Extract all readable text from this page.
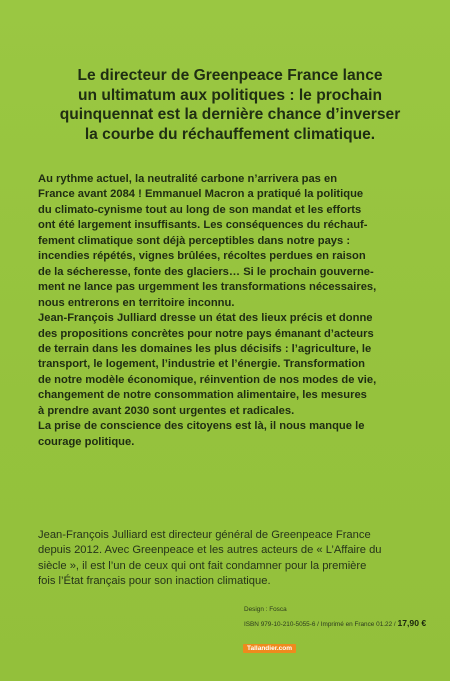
Le directeur de Greenpeace France lance
un ultimatum aux politiques : le prochain
quinquennat est la dernière chance d’inverser
la courbe du réchauffement climatique.
Au rythme actuel, la neutralité carbone n’arrivera pas en
France avant 2084 ! Emmanuel Macron a pratiqué la politique
du climato-cynisme tout au long de son mandat et les efforts
ont été largement insuffisants. Les conséquences du réchauf-
fement climatique sont déjà perceptibles dans notre pays :
incendies répétés, vignes brûlées, récoltes perdues en raison
de la sécheresse, fonte des glaciers… Si le prochain gouverne-
ment ne lance pas urgemment les transformations nécessaires,
nous entrerons en territoire inconnu.
Jean-François Julliard dresse un état des lieux précis et donne
des propositions concrètes pour notre pays émanant d’acteurs
de terrain dans les domaines les plus décisifs : l’agriculture, le
transport, le logement, l’industrie et l’énergie. Transformation
de notre modèle économique, réinvention de nos modes de vie,
changement de notre consommation alimentaire, les mesures
à prendre avant 2030 sont urgentes et radicales.
La prise de conscience des citoyens est là, il nous manque le
courage politique.
Jean-François Julliard est directeur général de Greenpeace France
depuis 2012. Avec Greenpeace et les autres acteurs de « L’Affaire du
siècle », il est l’un de ceux qui ont fait condamner pour la première
fois l’État français pour son inaction climatique.
Design : Fosca
ISBN 979-10-210-5055-6 / Imprimé en France 01.22 / 17,90 €
Tallandier.com
